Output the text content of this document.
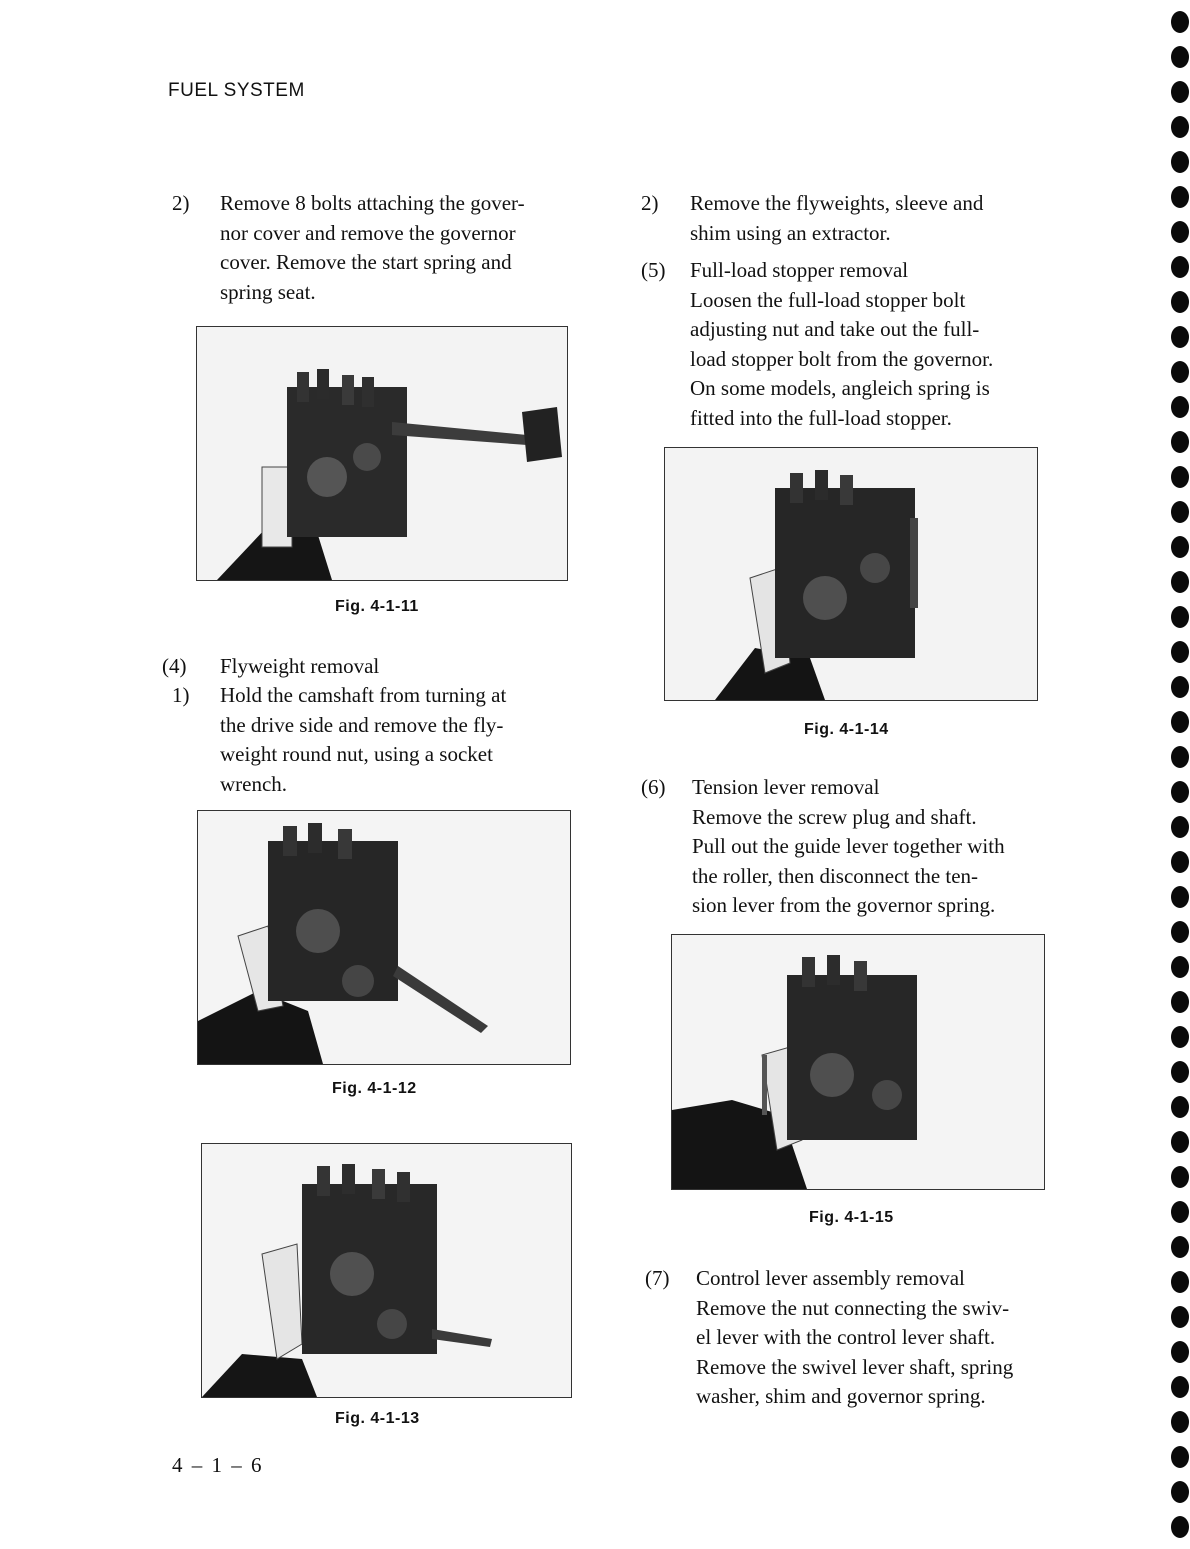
FUEL SYSTEM
2) Remove 8 bolts attaching the gover-
nor cover and remove the governor
cover. Remove the start spring and
spring seat.
Fig. 4-1-11
(4) Flyweight removal
1) Hold the camshaft from turning at
the drive side and remove the fly-
weight round nut, using a socket
wrench.
Fig. 4-1-12
Fig. 4-1-13
4 – 1 – 6
2) Remove the flyweights, sleeve and
shim using an extractor.
(5) Full-load stopper removal
Loosen the full-load stopper bolt
adjusting nut and take out the full-
load stopper bolt from the governor.
On some models, angleich spring is
fitted into the full-load stopper.
Fig. 4-1-14
(6) Tension lever removal
Remove the screw plug and shaft.
Pull out the guide lever together with
the roller, then disconnect the ten-
sion lever from the governor spring.
Fig. 4-1-15
(7) Control lever assembly removal
Remove the nut connecting the swiv-
el lever with the control lever shaft.
Remove the swivel lever shaft, spring
washer, shim and governor spring.
